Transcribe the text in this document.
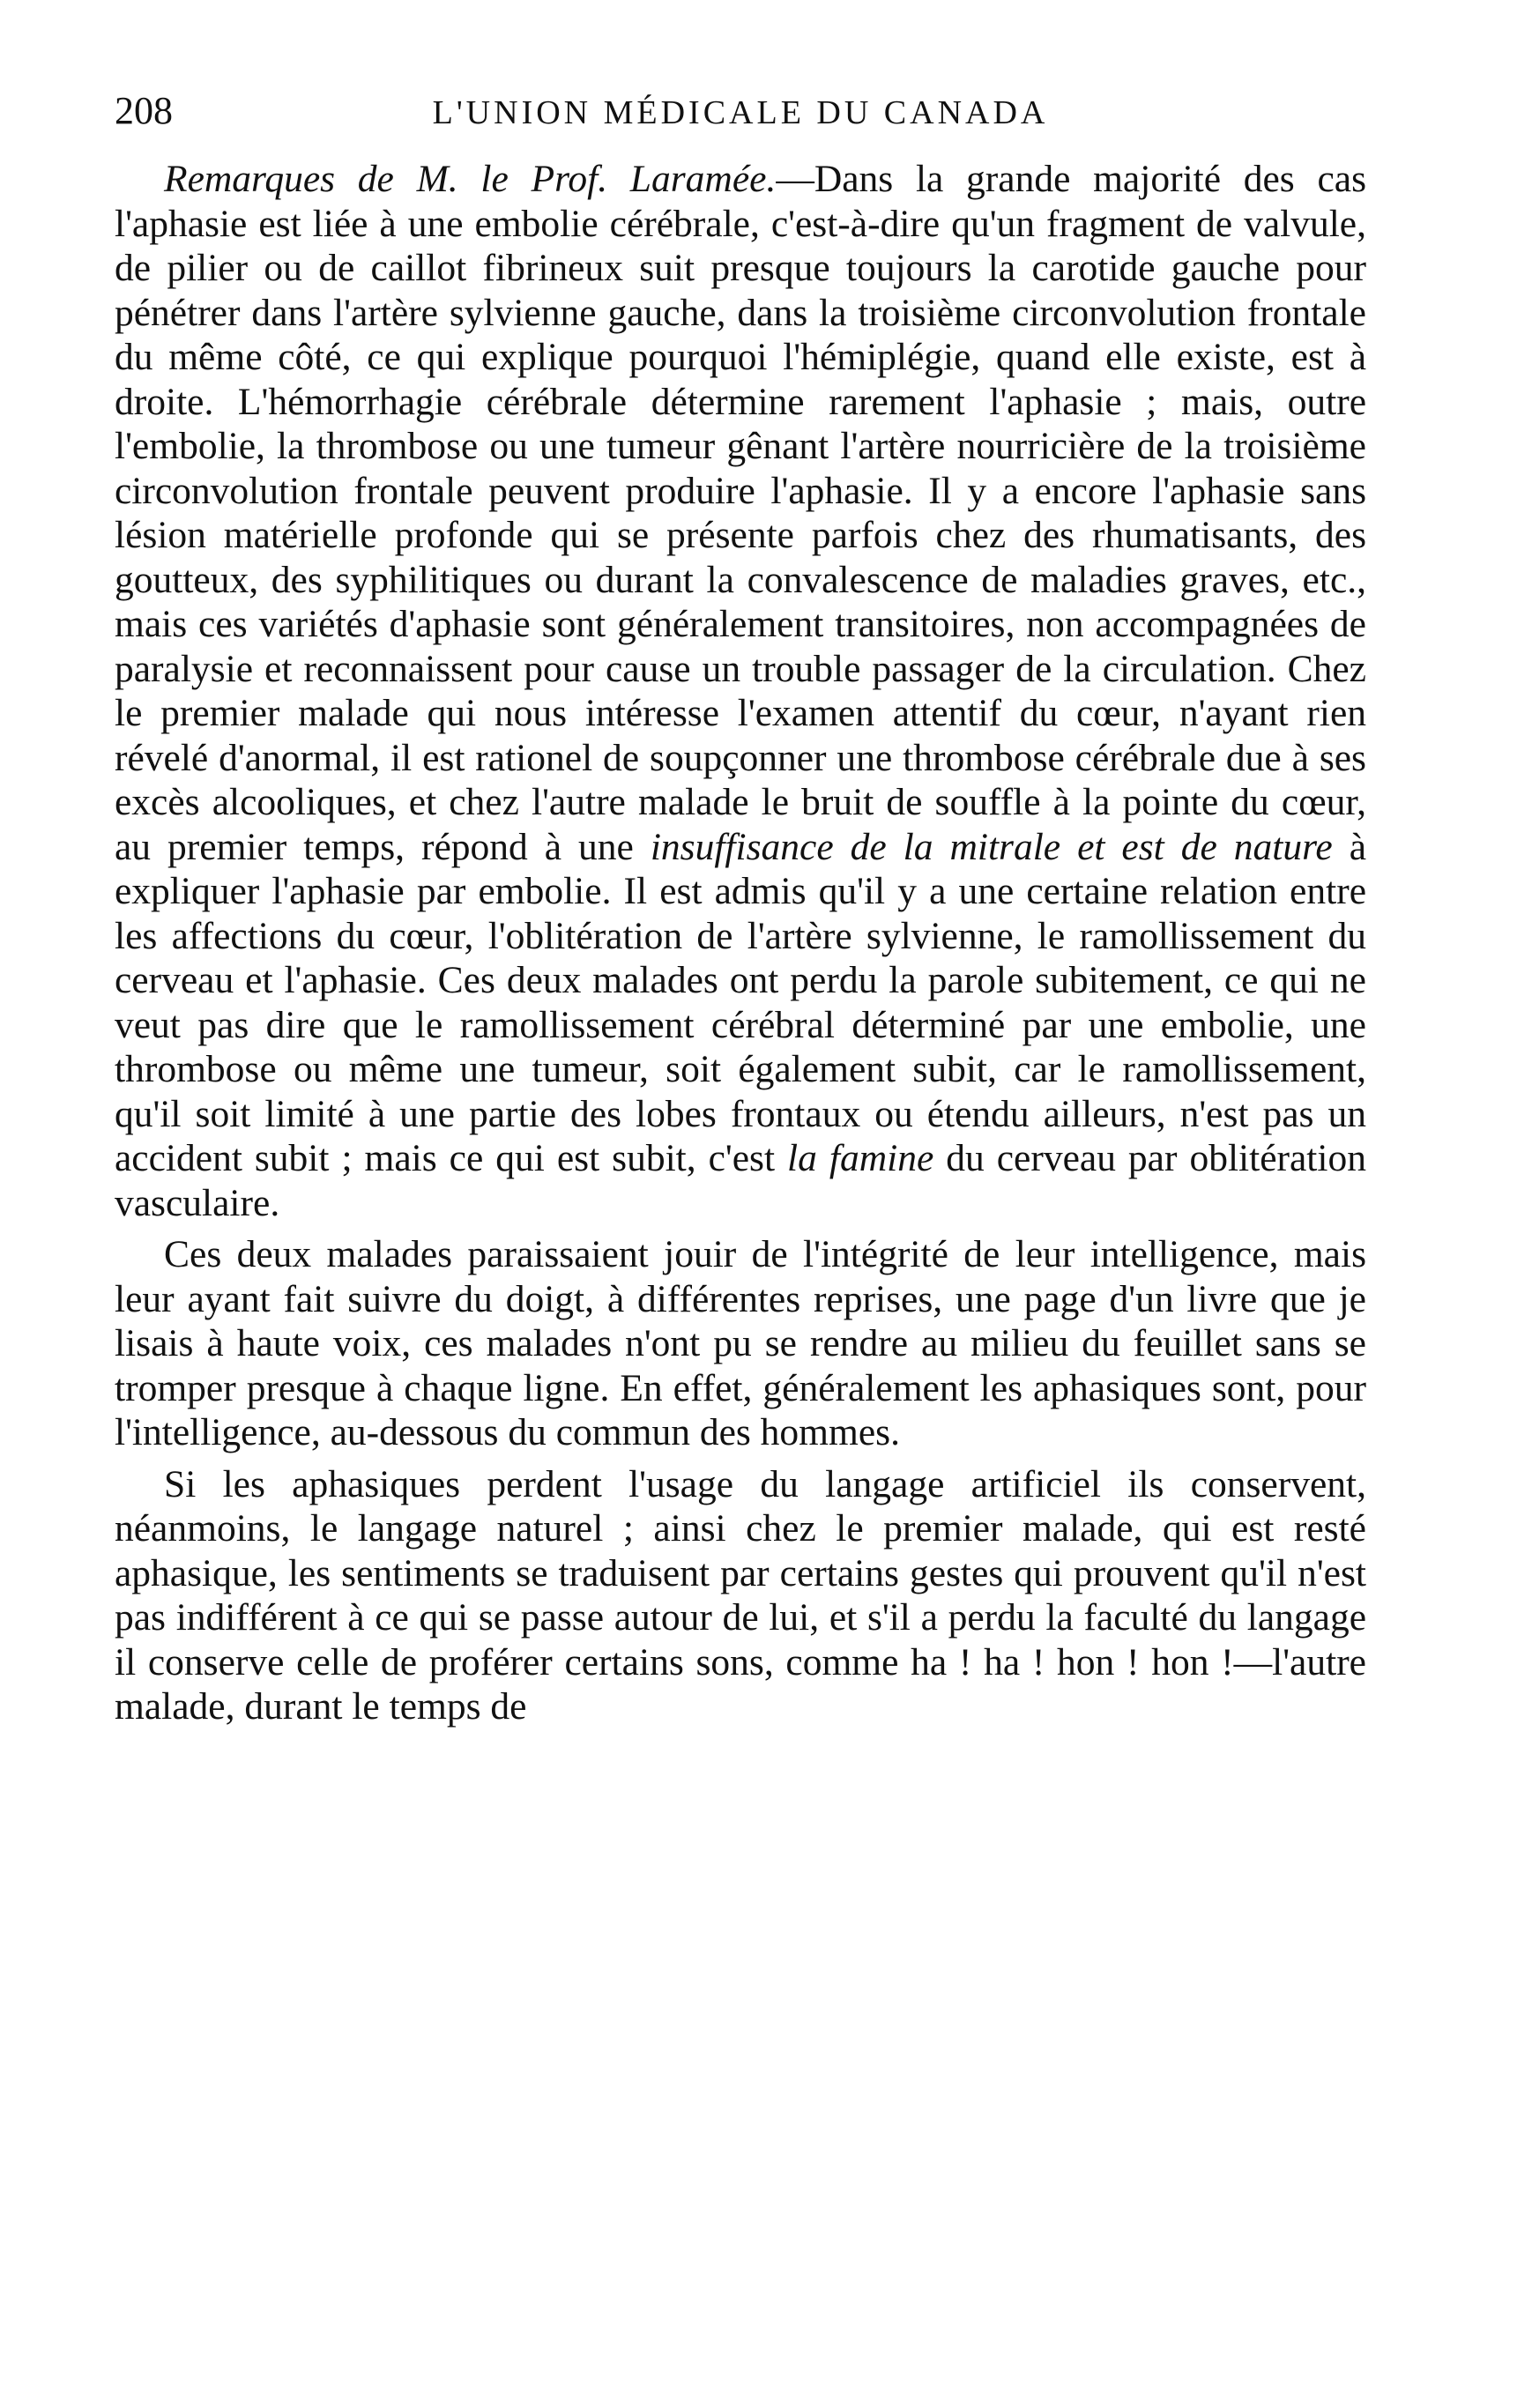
208	L'UNION MÉDICALE DU CANADA

Remarques de M. le Prof. Laramée.—Dans la grande majorité des cas l'aphasie est liée à une embolie cérébrale, c'est-à-dire qu'un fragment de valvule, de pilier ou de caillot fibrineux suit presque toujours la carotide gauche pour pénétrer dans l'artère sylvienne gauche, dans la troisième circonvolution frontale du même côté, ce qui explique pourquoi l'hémiplégie, quand elle existe, est à droite. L'hémorrhagie cérébrale détermine rarement l'aphasie ; mais, outre l'embolie, la thrombose ou une tumeur gênant l'artère nourricière de la troisième circonvolution frontale peuvent produire l'aphasie. Il y a encore l'aphasie sans lésion matérielle profonde qui se présente parfois chez des rhumatisants, des goutteux, des syphilitiques ou durant la convalescence de maladies graves, etc., mais ces variétés d'aphasie sont généralement transitoires, non accompagnées de paralysie et reconnaissent pour cause un trouble passager de la circulation. Chez le premier malade qui nous intéresse l'examen attentif du cœur, n'ayant rien révelé d'anormal, il est rationel de soupçonner une thrombose cérébrale due à ses excès alcooliques, et chez l'autre malade le bruit de souffle à la pointe du cœur, au premier temps, répond à une insuffisance de la mitrale et est de nature à expliquer l'aphasie par embolie. Il est admis qu'il y a une certaine relation entre les affections du cœur, l'oblitération de l'artère sylvienne, le ramollissement du cerveau et l'aphasie. Ces deux malades ont perdu la parole subitement, ce qui ne veut pas dire que le ramollissement cérébral déterminé par une embolie, une thrombose ou même une tumeur, soit également subit, car le ramollissement, qu'il soit limité à une partie des lobes frontaux ou étendu ailleurs, n'est pas un accident subit ; mais ce qui est subit, c'est la famine du cerveau par oblitération vasculaire.

Ces deux malades paraissaient jouir de l'intégrité de leur intelligence, mais leur ayant fait suivre du doigt, à différentes reprises, une page d'un livre que je lisais à haute voix, ces malades n'ont pu se rendre au milieu du feuillet sans se tromper presque à chaque ligne. En effet, généralement les aphasiques sont, pour l'intelligence, au-dessous du commun des hommes.

Si les aphasiques perdent l'usage du langage artificiel ils conservent, néanmoins, le langage naturel ; ainsi chez le premier malade, qui est resté aphasique, les sentiments se traduisent par certains gestes qui prouvent qu'il n'est pas indifférent à ce qui se passe autour de lui, et s'il a perdu la faculté du langage il conserve celle de proférer certains sons, comme ha ! ha ! hon ! hon !—l'autre malade, durant le temps de
